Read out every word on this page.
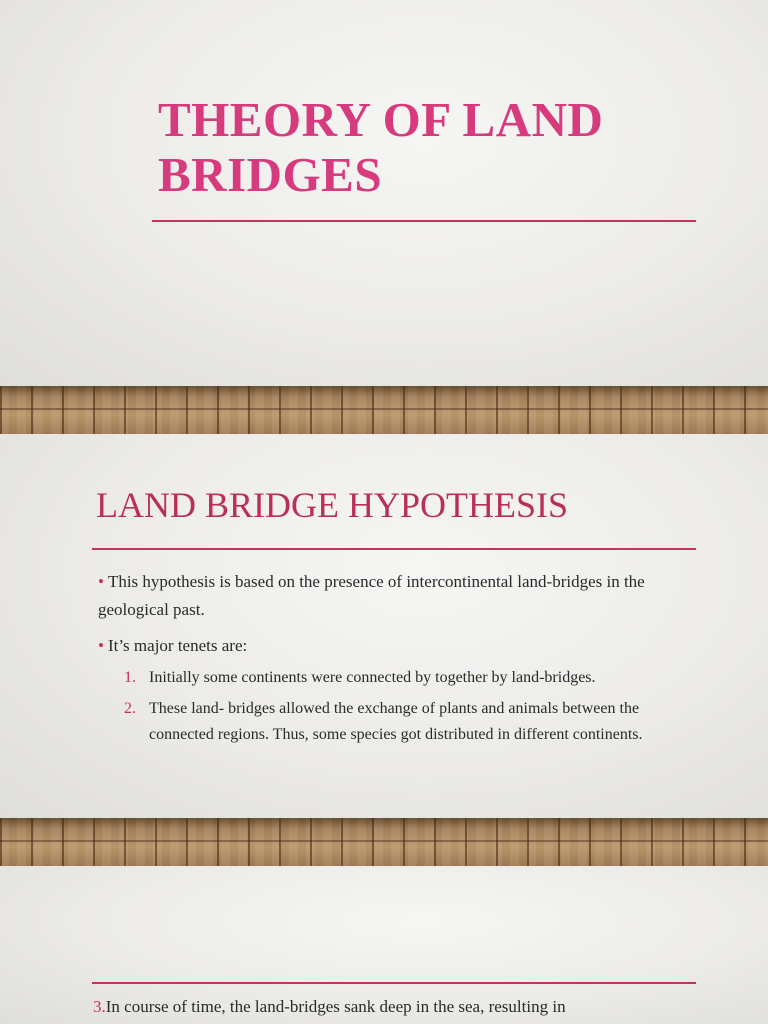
THEORY OF LAND BRIDGES
LAND BRIDGE HYPOTHESIS
• This hypothesis is based on the presence of intercontinental land-bridges in the geological past.
• It’s major tenets are:
1. Initially some continents were connected by together by land-bridges.
2. These land- bridges allowed the exchange of plants and animals between the connected regions. Thus, some species got distributed in different continents.
3.In course of time, the land-bridges sank deep in the sea, resulting in
